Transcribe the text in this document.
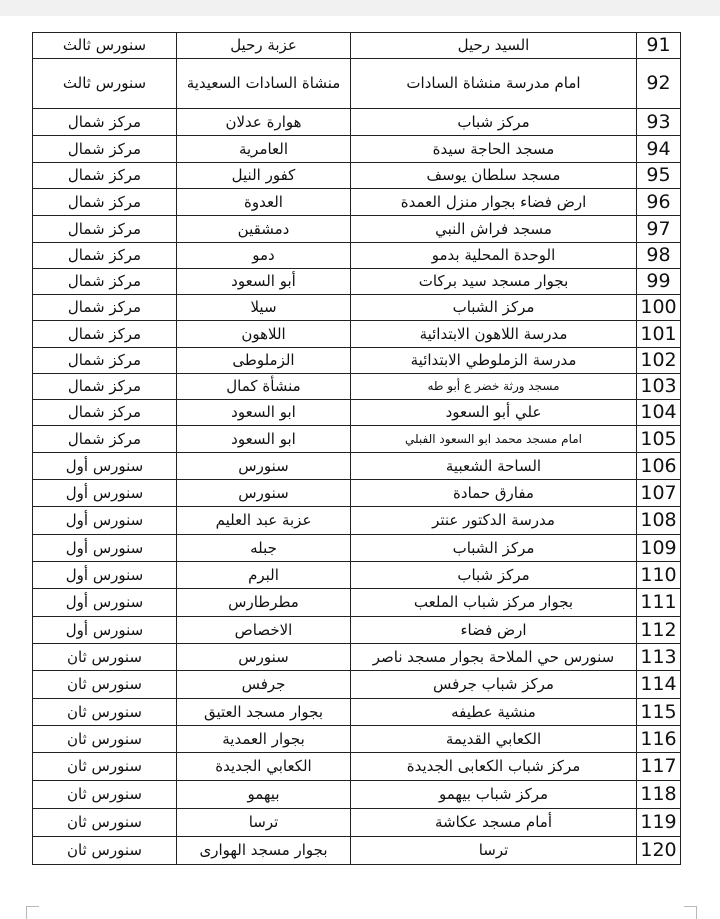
سنورس ثالث	عزبة رحيل	السيد رحيل	91
سنورس ثالث	منشاة السادات السعيدية	امام مدرسة منشاة السادات	92
مركز شمال	هوارة عدلان	مركز شباب	93
مركز شمال	العامرية	مسجد الحاجة سيدة	94
مركز شمال	كفور النيل	مسجد سلطان يوسف	95
مركز شمال	العدوة	ارض فضاء بجوار منزل العمدة	96
مركز شمال	دمشقين	مسجد فراش النبي	97
مركز شمال	دمو	الوحدة المحلية بدمو	98
مركز شمال	أبو السعود	بجوار مسجد سيد بركات	99
مركز شمال	سيلا	مركز الشباب	100
مركز شمال	اللاهون	مدرسة اللاهون الابتدائية	101
مركز شمال	الزملوطى	مدرسة الزملوطي الابتدائية	102
مركز شمال	منشأة كمال	مسجد ورثة خضر ع أبو طه	103
مركز شمال	ابو السعود	علي أبو السعود	104
مركز شمال	ابو السعود	امام مسجد محمد ابو السعود الفبلي	105
سنورس أول	سنورس	الساحة الشعبية	106
سنورس أول	سنورس	مفارق حمادة	107
سنورس أول	عزبة عبد العليم	مدرسة الدكتور عنتر	108
سنورس أول	جبله	مركز الشباب	109
سنورس أول	البرم	مركز شباب	110
سنورس أول	مطرطارس	بجوار مركز شباب الملعب	111
سنورس أول	الاخصاص	ارض فضاء	112
سنورس ثان	سنورس	سنورس حي الملاحة بجوار مسجد ناصر	113
سنورس ثان	جرفس	مركز شباب جرفس	114
سنورس ثان	بجوار مسجد العتيق	منشية عطيفه	115
سنورس ثان	بجوار العمدية	الكعابي القديمة	116
سنورس ثان	الكعابي الجديدة	مركز شباب الكعابى الجديدة	117
سنورس ثان	بيهمو	مركز شباب بيهمو	118
سنورس ثان	ترسا	أمام مسجد عكاشة	119
سنورس ثان	بجوار مسجد الهوارى	ترسا	120
